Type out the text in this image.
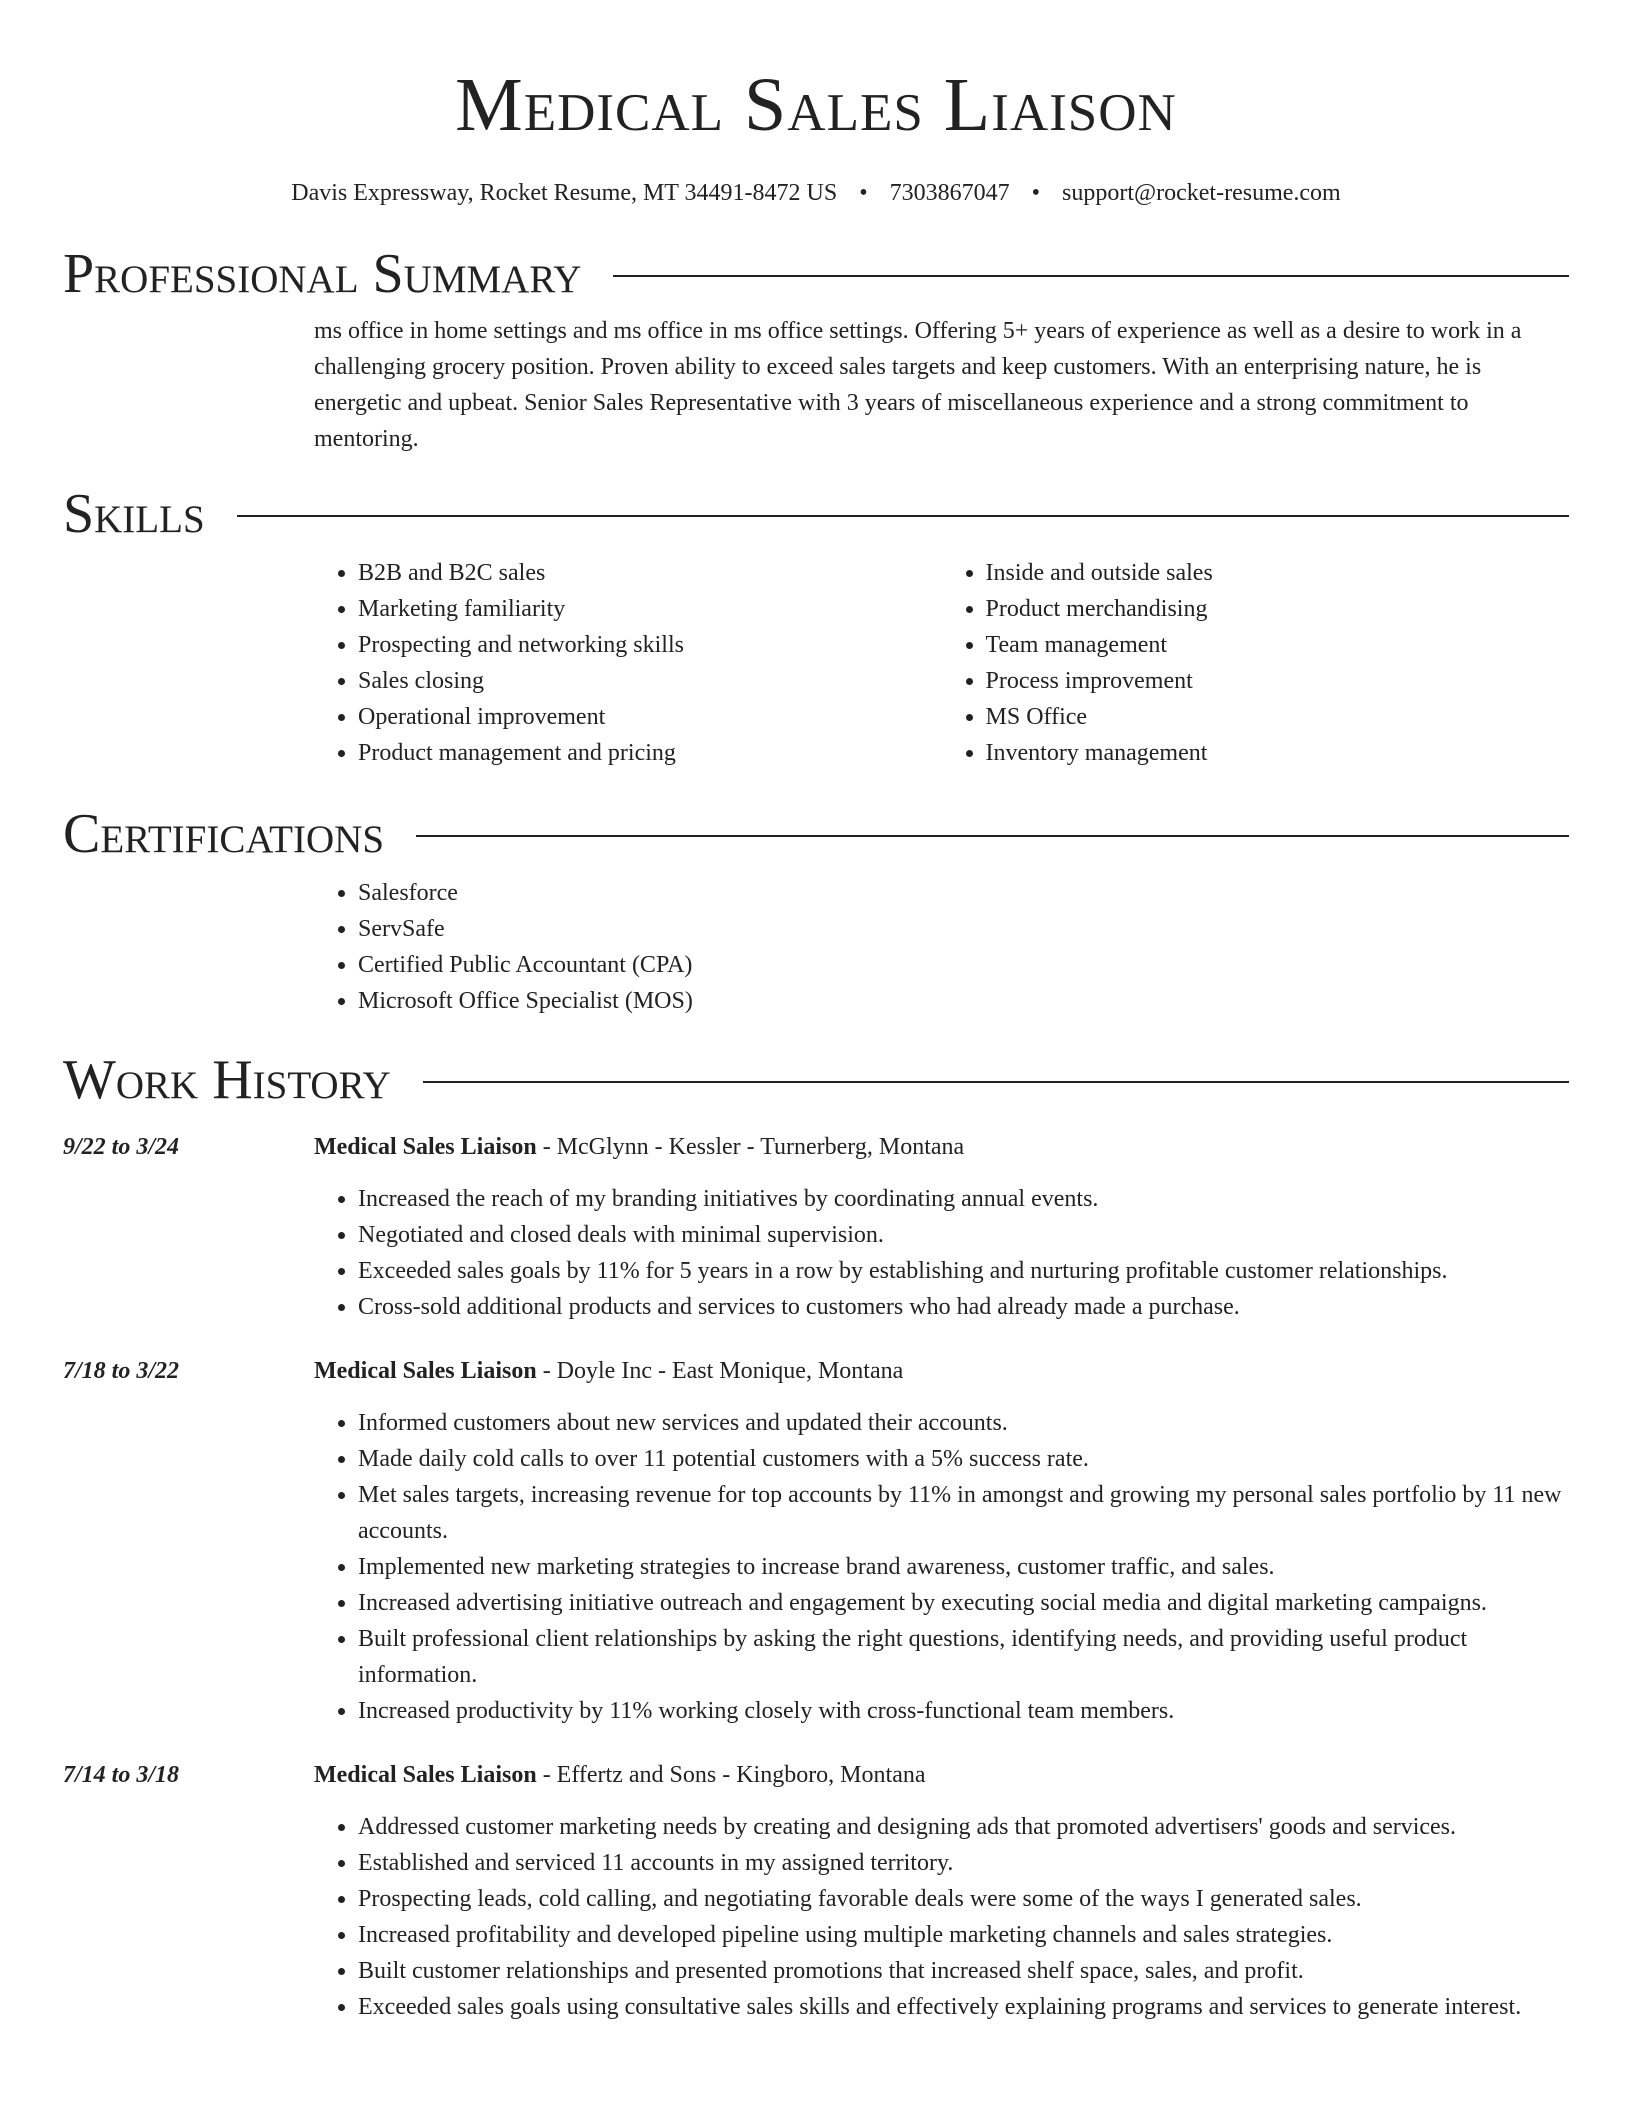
Medical Sales Liaison
Davis Expressway, Rocket Resume, MT 34491-8472 US • 7303867047 • support@rocket-resume.com
Professional Summary
ms office in home settings and ms office in ms office settings. Offering 5+ years of experience as well as a desire to work in a challenging grocery position. Proven ability to exceed sales targets and keep customers. With an enterprising nature, he is energetic and upbeat. Senior Sales Representative with 3 years of miscellaneous experience and a strong commitment to mentoring.
Skills
• B2B and B2C sales
• Marketing familiarity
• Prospecting and networking skills
• Sales closing
• Operational improvement
• Product management and pricing
• Inside and outside sales
• Product merchandising
• Team management
• Process improvement
• MS Office
• Inventory management
Certifications
• Salesforce
• ServSafe
• Certified Public Accountant (CPA)
• Microsoft Office Specialist (MOS)
Work History
9/22 to 3/24	Medical Sales Liaison - McGlynn - Kessler - Turnerberg, Montana
• Increased the reach of my branding initiatives by coordinating annual events.
• Negotiated and closed deals with minimal supervision.
• Exceeded sales goals by 11% for 5 years in a row by establishing and nurturing profitable customer relationships.
• Cross-sold additional products and services to customers who had already made a purchase.
7/18 to 3/22	Medical Sales Liaison - Doyle Inc - East Monique, Montana
• Informed customers about new services and updated their accounts.
• Made daily cold calls to over 11 potential customers with a 5% success rate.
• Met sales targets, increasing revenue for top accounts by 11% in amongst and growing my personal sales portfolio by 11 new accounts.
• Implemented new marketing strategies to increase brand awareness, customer traffic, and sales.
• Increased advertising initiative outreach and engagement by executing social media and digital marketing campaigns.
• Built professional client relationships by asking the right questions, identifying needs, and providing useful product information.
• Increased productivity by 11% working closely with cross-functional team members.
7/14 to 3/18	Medical Sales Liaison - Effertz and Sons - Kingboro, Montana
• Addressed customer marketing needs by creating and designing ads that promoted advertisers' goods and services.
• Established and serviced 11 accounts in my assigned territory.
• Prospecting leads, cold calling, and negotiating favorable deals were some of the ways I generated sales.
• Increased profitability and developed pipeline using multiple marketing channels and sales strategies.
• Built customer relationships and presented promotions that increased shelf space, sales, and profit.
• Exceeded sales goals using consultative sales skills and effectively explaining programs and services to generate interest.
